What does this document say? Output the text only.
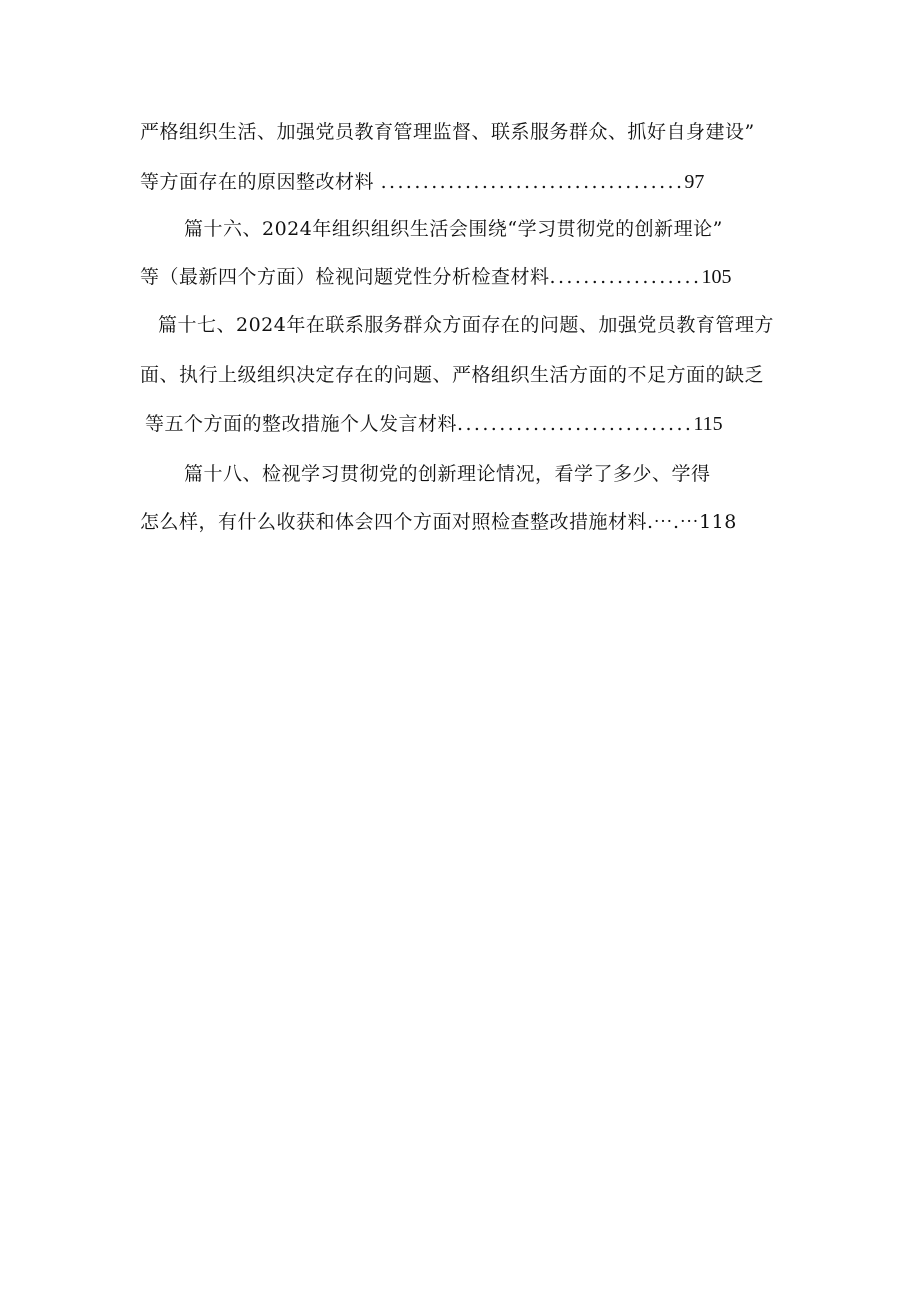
严格组织生活、加强党员教育管理监督、联系服务群众、抓好自身建设”
等方面存在的原因整改材料 ....................................97
篇十六、2024年组织组织生活会围绕“学习贯彻党的创新理论”
等（最新四个方面）检视问题党性分析检查材料..................105
篇十七、2024年在联系服务群众方面存在的问题、加强党员教育管理方
面、执行上级组织决定存在的问题、严格组织生活方面的不足方面的缺乏
等五个方面的整改措施个人发言材料............................115
篇十八、检视学习贯彻党的创新理论情况，看学了多少、学得
怎么样，有什么收获和体会四个方面对照检查整改措施材料.⋯.⋯118
